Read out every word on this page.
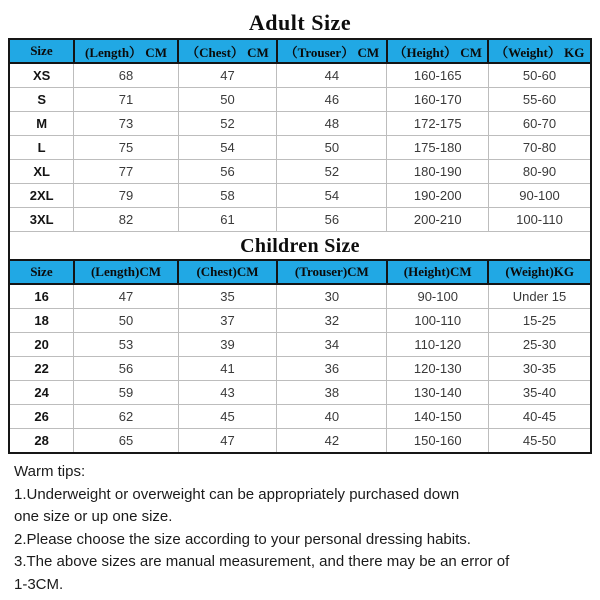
Adult Size
Size	(Length） CM	（Chest） CM	（Trouser） CM	（Height） CM	（Weight） KG
XS	68	47	44	160-165	50-60
S	71	50	46	160-170	55-60
M	73	52	48	172-175	60-70
L	75	54	50	175-180	70-80
XL	77	56	52	180-190	80-90
2XL	79	58	54	190-200	90-100
3XL	82	61	56	200-210	100-110
Children Size
Size	(Length)CM	(Chest)CM	(Trouser)CM	(Height)CM	(Weight)KG
16	47	35	30	90-100	Under 15
18	50	37	32	100-110	15-25
20	53	39	34	110-120	25-30
22	56	41	36	120-130	30-35
24	59	43	38	130-140	35-40
26	62	45	40	140-150	40-45
28	65	47	42	150-160	45-50
Warm tips:
1.Underweight or overweight can be appropriately purchased down
one size or up one size.
2.Please choose the size according to your personal dressing habits.
3.The above sizes are manual measurement, and there may be an error of
1-3CM.
